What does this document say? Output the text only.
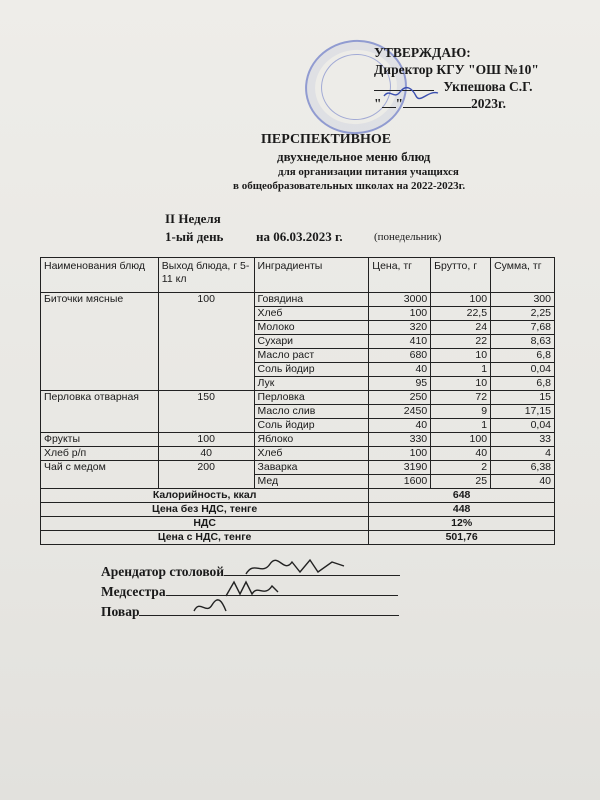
УТВЕРЖДАЮ:
Директор КГУ "ОШ №10"
Укпешова С.Г.
" "	2023г.
ПЕРСПЕКТИВНОЕ
двухнедельное меню блюд
для организации питания учащихся
в общеобразовательных школах на 2022-2023г.
II Неделя
1-ый день	на 06.03.2023 г.	(понедельник)
Наименования блюд	Выход блюда, г 5-11 кл	Инградиенты	Цена, тг	Брутто, г	Сумма, тг
Биточки мясные	100	Говядина	3000	100	300
		Хлеб	100	22,5	2,25
		Молоко	320	24	7,68
		Сухари	410	22	8,63
		Масло раст	680	10	6,8
		Соль йодир	40	1	0,04
		Лук	95	10	6,8
Перловка отварная	150	Перловка	250	72	15
		Масло слив	2450	9	17,15
		Соль йодир	40	1	0,04
Фрукты	100	Яблоко	330	100	33
Хлеб р/п	40	Хлеб	100	40	4
Чай с медом	200	Заварка	3190	2	6,38
		Мед	1600	25	40
Калорийность, ккал			648		
Цена без НДС, тенге			448		
НДС			12%		
Цена с НДС, тенге			501,76		
Арендатор столовой
Медсестра
Повар
